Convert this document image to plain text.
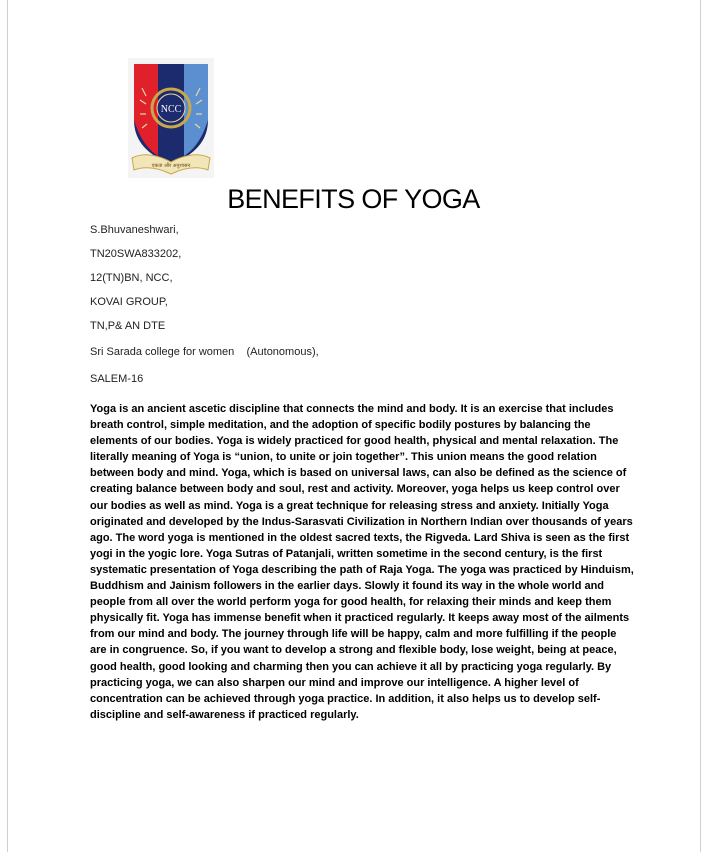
NCC
एकता और अनुशासन
BENEFITS OF YOGA
S.Bhuvaneshwari,
TN20SWA833202,
12(TN)BN, NCC,
KOVAI GROUP,
TN,P& AN DTE
Sri Sarada college for women    (Autonomous),
SALEM-16
Yoga is an ancient ascetic discipline that connects the mind and body. It is an exercise that includes breath control, simple meditation, and the adoption of specific bodily postures by balancing the elements of our bodies. Yoga is widely practiced for good health, physical and mental relaxation. The literally meaning of Yoga is “union, to unite or join together”. This union means the good relation between body and mind. Yoga, which is based on universal laws, can also be defined as the science of creating balance between body and soul, rest and activity. Moreover, yoga helps us keep control over our bodies as well as mind. Yoga is a great technique for releasing stress and anxiety. Initially Yoga originated and developed by the Indus-Sarasvati Civilization in Northern Indian over thousands of years ago. The word yoga is mentioned in the oldest sacred texts, the Rigveda. Lard Shiva is seen as the first yogi in the yogic lore. Yoga Sutras of Patanjali, written sometime in the second century, is the first systematic presentation of Yoga describing the path of Raja Yoga. The yoga was practiced by Hinduism, Buddhism and Jainism followers in the earlier days. Slowly it found its way in the whole world and people from all over the world perform yoga for good health, for relaxing their minds and keep them physically fit. Yoga has immense benefit when it practiced regularly. It keeps away most of the ailments from our mind and body. The journey through life will be happy, calm and more fulfilling if the people are in congruence. So, if you want to develop a strong and flexible body, lose weight, being at peace, good health, good looking and charming then you can achieve it all by practicing yoga regularly. By practicing yoga, we can also sharpen our mind and improve our intelligence. A higher level of concentration can be achieved through yoga practice. In addition, it also helps us to develop self-discipline and self-awareness if practiced regularly.
